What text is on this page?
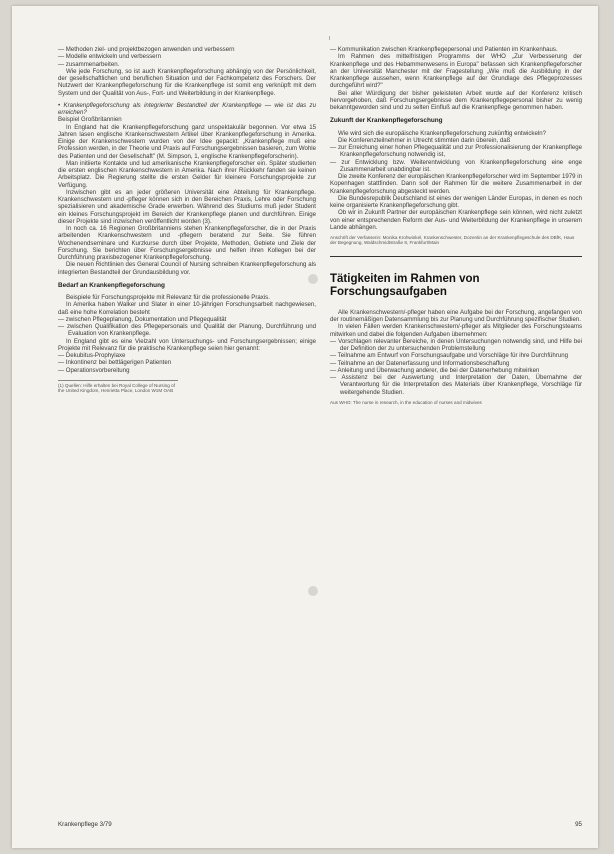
I
— Methoden ziel- und projektbezogen anwenden und verbessern
— Modelle entwickeln und verbessern
— zusammenarbeiten.

Wie jede Forschung, so ist auch Krankenpflegeforschung abhängig von der Persönlichkeit, der gesellschaftlichen und beruflichen Situation und der Fachkompetenz des Forschers. Der Nutzwert der Krankenpflegeforschung für die Krankenpflege ist somit eng verknüpft mit dem System und der Qualität von Aus-, Fort- und Weiterbildung in der Krankenpflege.

• Krankenpflegeforschung als integrierter Bestandteil der Krankenpflege — wie ist das zu erreichen?

Beispiel Großbritannien

In England hat die Krankenpflegeforschung ganz unspektakulär begonnen. Vor etwa 15 Jahren lasen englische Krankenschwestern Artikel über Krankenpflegeforschung in Amerika. Einige der Krankenschwestern wurden von der Idee gepackt: „Krankenpflege muß eine Profession werden, in der Theorie und Praxis auf Forschungsergebnissen basieren, zum Wohle des Patienten und der Gesellschaft" (M. Simpson, 1, englische Krankenpflegeforscherin).

Man initiierte Kontakte und lud amerikanische Krankenpflegeforscher ein. Später studierten die ersten englischen Krankenschwestern in Amerika. Nach ihrer Rückkehr fanden sie keinen Arbeitsplatz. Die Regierung stellte die ersten Gelder für kleinere Forschungsprojekte zur Verfügung.

Inzwischen gibt es an jeder größeren Universität eine Abteilung für Krankenpflege. Krankenschwestern und -pfleger können sich in den Bereichen Praxis, Lehre oder Forschung spezialisieren und akademische Grade erwerben. Während des Studiums muß jeder Student ein kleines Forschungsprojekt im Bereich der Krankenpflege planen und durchführen. Einige dieser Projekte sind inzwischen veröffentlicht worden (3).

In noch ca. 16 Regionen Großbritanniens stehen Krankenpflegeforscher, die in der Praxis arbeitenden Krankenschwestern und -pflegern beratend zur Seite. Sie führen Wochenendseminare und Kurzkurse durch über Projekte, Methoden, Gebiete und Ziele der Forschung. Sie berichten über Forschungsergebnisse und helfen ihren Kollegen bei der Durchführung praxisbezogener Krankenpflegeforschung.

Die neuen Richtlinien des General Council of Nursing schreiben Krankenpflegeforschung als integrierten Bestandteil der Grundausbildung vor.

Bedarf an Krankenpflegeforschung

Beispiele für Forschungsprojekte mit Relevanz für die professionelle Praxis.

In Amerika haben Walker und Slater in einer 10-jährigen Forschungsarbeit nachgewiesen, daß eine hohe Korrelation besteht

— zwischen Pflegeplanung, Dokumentation und Pflegequalität
— zwischen Qualifikation des Pflegepersonals und Qualität der Planung, Durchführung und Evaluation von Krankenpflege.

In England gibt es eine Vielzahl von Untersuchungs- und Forschungsergebnissen; einige Projekte mit Relevanz für die praktische Krankenpflege seien hier genannt:

— Dekubitus-Prophylaxe
— Inkontinenz bei bettlägerigen Patienten
— Operationsvorbereitung
(1) Quellen: Hilfe erhalten bei Royal College of Nursing of the United Kingdom, Henrietta Place, London W1M OAB
— Kommunikation zwischen Krankenpflegepersonal und Patienten im Krankenhaus.

Im Rahmen des mittelfristigen Programms der WHO „Zur Verbesserung der Krankenpflege und des Hebammenwesens in Europa" befassen sich Krankenpflegeforscher an der Universität Manchester mit der Fragestellung „Wie muß die Ausbildung in der Krankenpflege aussehen, wenn Krankenpflege auf der Grundlage des Pflegeprozesses durchgeführt wird?"

Bei aller Würdigung der bisher geleisteten Arbeit wurde auf der Konferenz kritisch hervorgehoben, daß Forschungsergebnisse dem Krankenpflegepersonal bisher zu wenig bekanntgeworden sind und zu selten Einfluß auf die Krankenpflege genommen haben.

Zukunft der Krankenpflegeforschung

Wie wird sich die europäische Krankenpflegeforschung zukünftig entwickeln?

Die Konferenzteilnehmer in Utrecht stimmten darin überein, daß

— zur Erreichung einer hohen Pflegequalität und zur Professionalisierung der Krankenpflege Krankenpflegeforschung notwendig ist,
— zur Entwicklung bzw. Weiterentwicklung von Krankenpflegeforschung eine enge Zusammenarbeit unabdingbar ist.

Die zweite Konferenz der europäischen Krankenpflegeforscher wird im September 1979 in Kopenhagen stattfinden. Dann soll der Rahmen für die weitere Zusammenarbeit in der Krankenpflegeforschung abgesteckt werden.

Die Bundesrepublik Deutschland ist eines der wenigen Länder Europas, in denen es noch keine organisierte Krankenpflegeforschung gibt.

Ob wir in Zukunft Partner der europäischen Krankenpflege sein können, wird nicht zuletzt von einer entsprechenden Reform der Aus- und Weiterbildung der Krankenpflege in unserem Lande abhängen.

Anschrift der Verfasserin: Monika Krohwinkel, Krankenschwester, Dozentin an der Krankenpflegeschule des DBfK, Haus der Begegnung, Waldschmidtstraße 8, Frankfurt/Main
Tätigkeiten im Rahmen von Forschungsaufgaben

Alle Krankenschwestern/-pfleger haben eine Aufgabe bei der Forschung, angefangen von der routinemäßigen Datensammlung bis zur Planung und Durchführung spezifischer Studien.

In vielen Fällen werden Krankenschwestern/-pfleger als Mitglieder des Forschungsteams mitwirken und dabei die folgenden Aufgaben übernehmen:

— Vorschlagen relevanter Bereiche, in denen Untersuchungen notwendig sind, und Hilfe bei der Definition der zu untersuchenden Problemstellung
— Teilnahme am Entwurf von Forschungsaufgabe und Vorschläge für ihre Durchführung
— Teilnahme an der Datenerfassung und Informationsbeschaffung
— Anleitung und Überwachung anderer, die bei der Datenerhebung mitwirken
— Assistenz bei der Auswertung und Interpretation der Daten, Übernahme der Verantwortung für die Interpretation des Materials über Krankenpflege, Vorschläge für weitergehende Studien.
Aus WHO: The nurse in research, in the education of nurses and midwives
Krankenpflege 3/79	95
